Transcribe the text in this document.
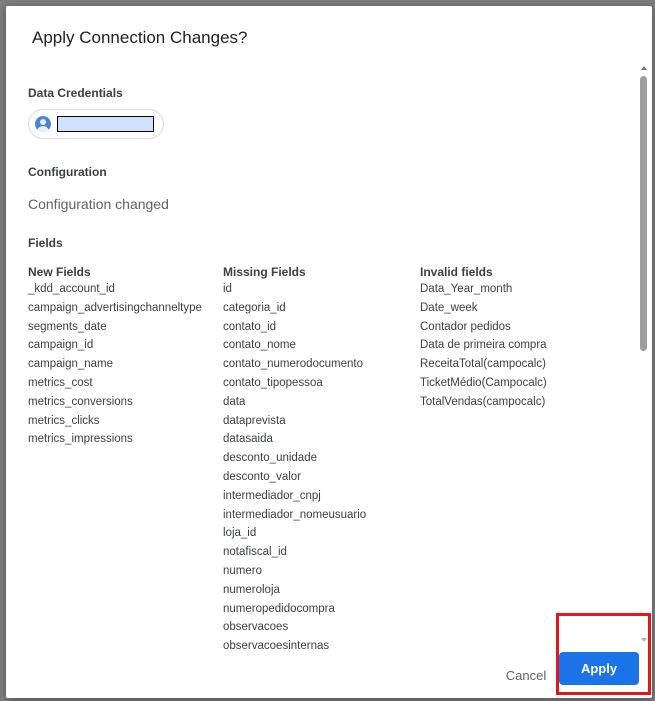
Apply Connection Changes?
Data Credentials
Configuration
Configuration changed
Fields
New Fields
_kdd_account_id
campaign_advertisingchanneltype
segments_date
campaign_id
campaign_name
metrics_cost
metrics_conversions
metrics_clicks
metrics_impressions
Missing Fields
id
categoria_id
contato_id
contato_nome
contato_numerodocumento
contato_tipopessoa
data
dataprevista
datasaida
desconto_unidade
desconto_valor
intermediador_cnpj
intermediador_nomeusuario
loja_id
notafiscal_id
numero
numeroloja
numeropedidocompra
observacoes
observacoesinternas
Invalid fields
Data_Year_month
Date_week
Contador pedidos
Data de primeira compra
ReceitaTotal(campocalc)
TicketMédio(Campocalc)
TotalVendas(campocalc)
Cancel	Apply
